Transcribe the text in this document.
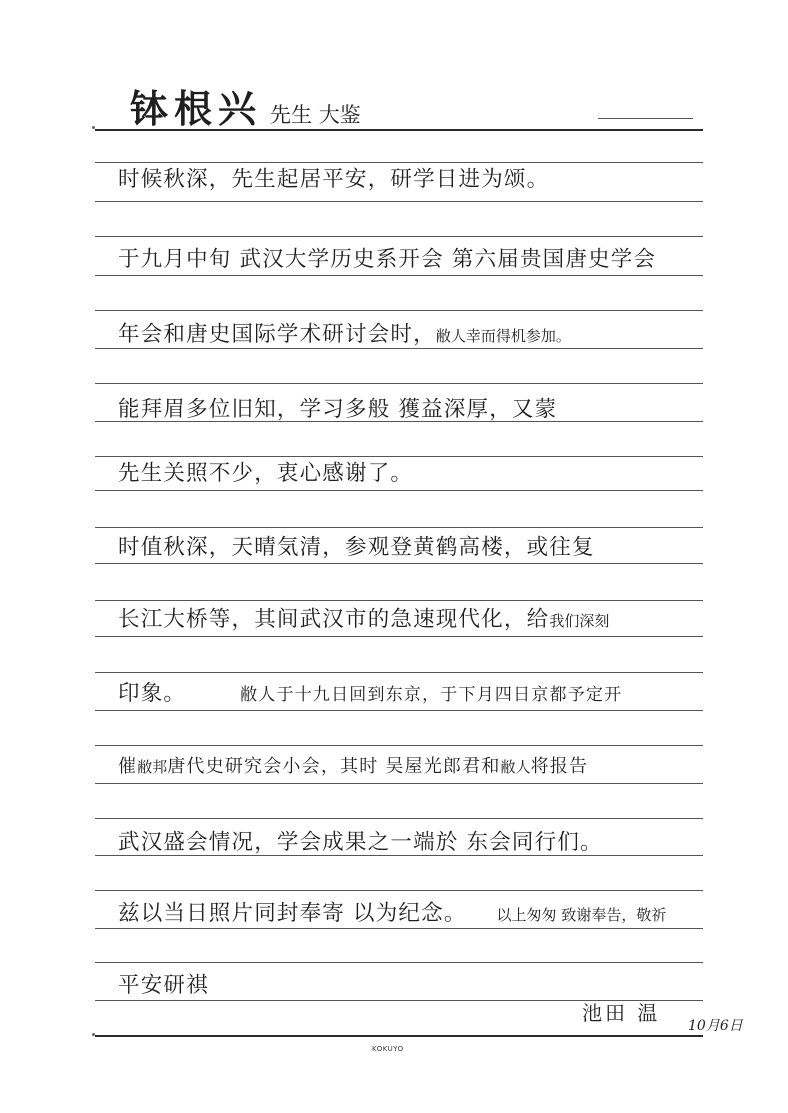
钵根兴 先生 大鉴
时候秋深，先生起居平安，研学日进为颂。
于九月中旬 武汉大学历史系开会 第六届贵国唐史学会
年会和唐史国际学术研讨会时，敝人幸而得机参加。
能拜眉多位旧知，学习多般 獲益深厚，又蒙
先生关照不少，衷心感谢了。
时值秋深，天晴気清，参观登黄鹤高楼，或往复
长江大桥等，其间武汉市的急速现代化，给我们深刻
印象。	敝人于十九日回到东京，于下月四日京都予定开
催敝邦唐代史研究会小会，其时 吴屋光郎君和敝人将报告
武汉盛会情况，学会成果之一端於 东会同行们。
兹以当日照片同封奉寄 以为纪念。 以上匆匆 致谢奉告，敬祈
平安研祺
池田 温
10月6日
KOKUYO
